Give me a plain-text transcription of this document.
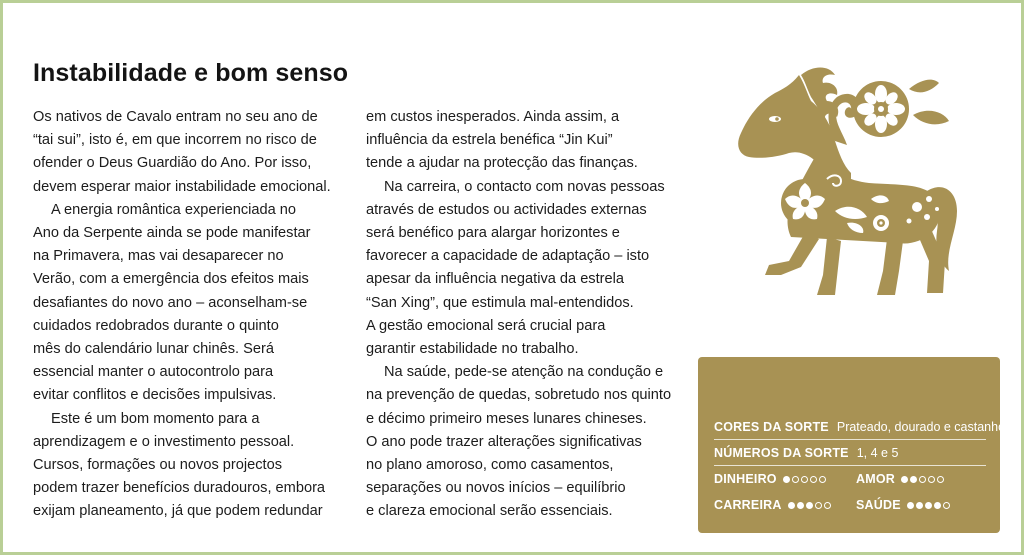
Instabilidade e bom senso

Os nativos de Cavalo entram no seu ano de
“tai sui”, isto é, em que incorrem no risco de
ofender o Deus Guardião do Ano. Por isso,
devem esperar maior instabilidade emocional.

A energia romântica experienciada no
Ano da Serpente ainda se pode manifestar
na Primavera, mas vai desaparecer no
Verão, com a emergência dos efeitos mais
desafiantes do novo ano – aconselham-se
cuidados redobrados durante o quinto
mês do calendário lunar chinês. Será
essencial manter o autocontrolo para
evitar conflitos e decisões impulsivas.

Este é um bom momento para a
aprendizagem e o investimento pessoal.
Cursos, formações ou novos projectos
podem trazer benefícios duradouros, embora
exijam planeamento, já que podem redundar

em custos inesperados. Ainda assim, a
influência da estrela benéfica “Jin Kui”
tende a ajudar na protecção das finanças.

Na carreira, o contacto com novas pessoas
através de estudos ou actividades externas
será benéfico para alargar horizontes e
favorecer a capacidade de adaptação – isto
apesar da influência negativa da estrela
“San Xing”, que estimula mal-entendidos.
A gestão emocional será crucial para
garantir estabilidade no trabalho.

Na saúde, pede-se atenção na condução e
na prevenção de quedas, sobretudo nos quinto
e décimo primeiro meses lunares chineses.
O ano pode trazer alterações significativas
no plano amoroso, como casamentos,
separações ou novos inícios – equilíbrio
e clareza emocional serão essenciais.

CORES DA SORTE Prateado, dourado e castanho
NÚMEROS DA SORTE 1, 4 e 5
DINHEIRO	AMOR
CARREIRA	SAÚDE
